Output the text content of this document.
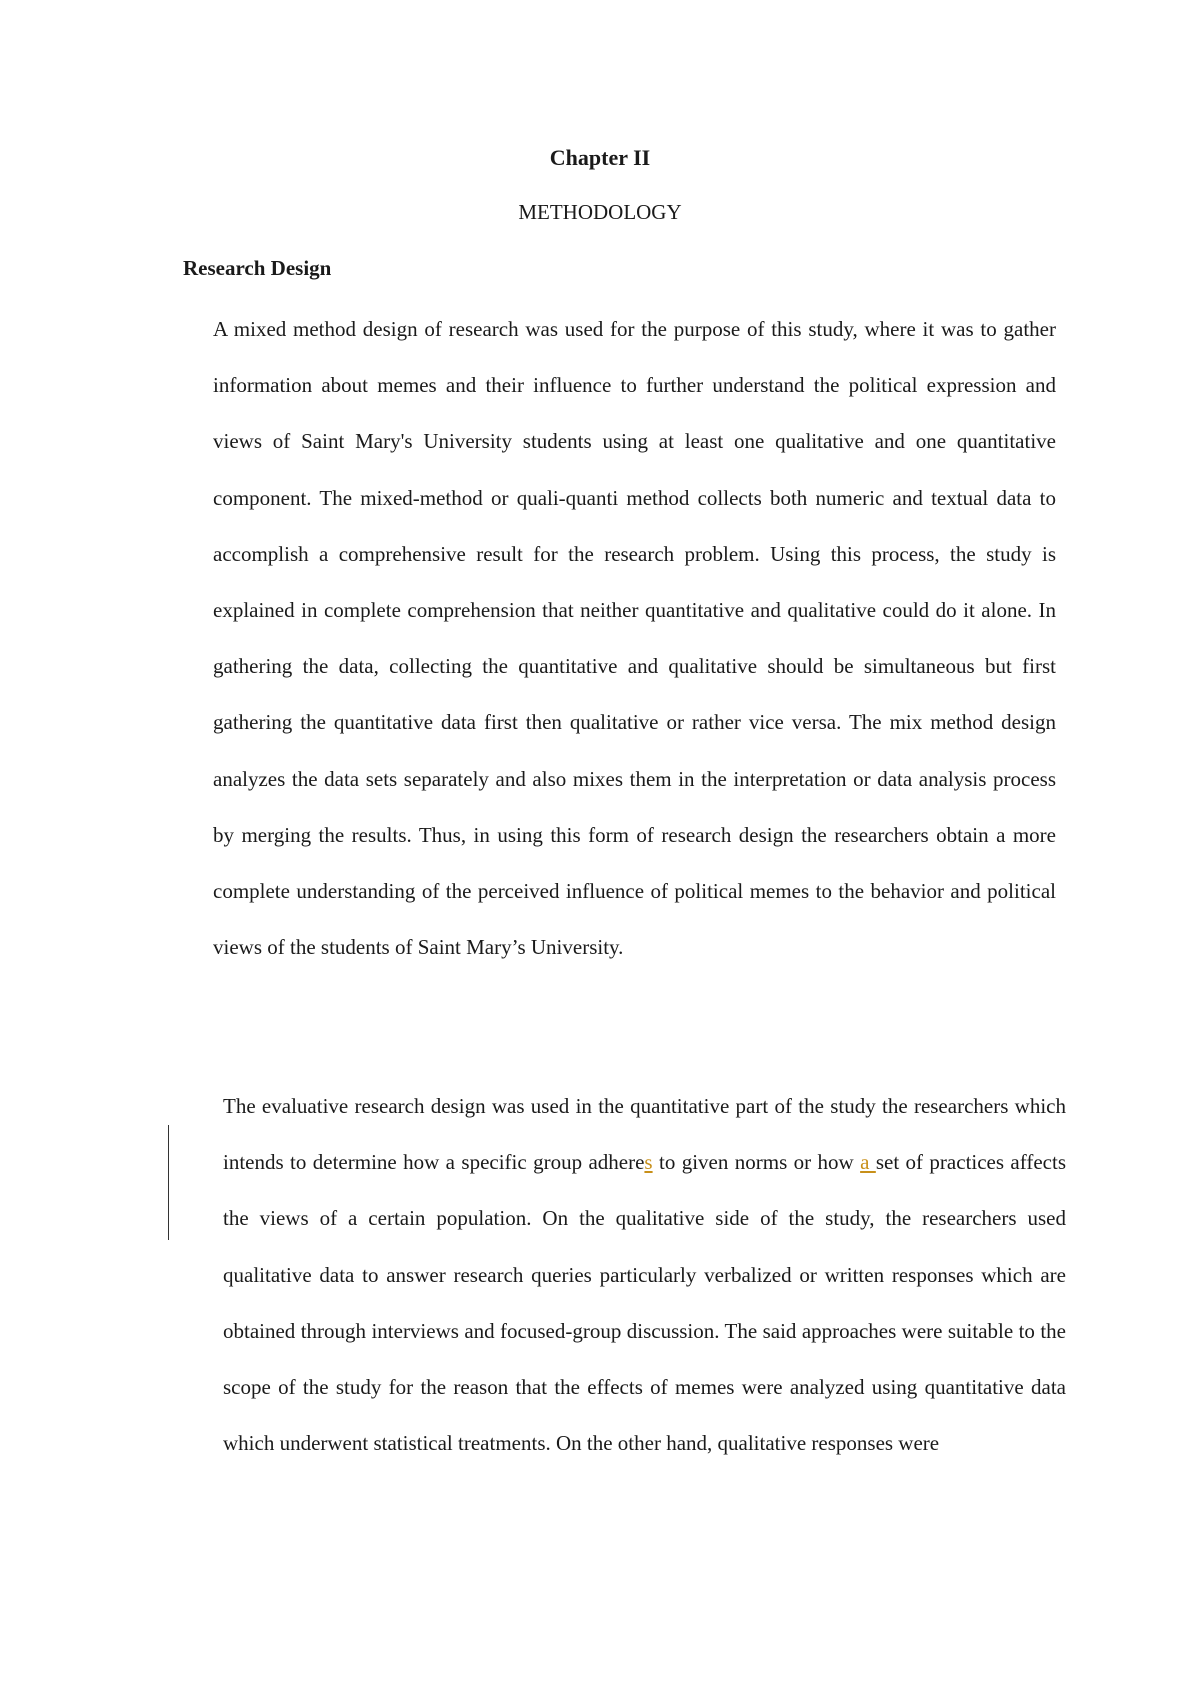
Chapter II
METHODOLOGY
Research Design
A mixed method design of research was used for the purpose of this study, where it was to gather information about memes and their influence to further understand the political expression and views of Saint Mary's University students using at least one qualitative and one quantitative component. The mixed-method or quali-quanti method collects both numeric and textual data to accomplish a comprehensive result for the research problem. Using this process, the study is explained in complete comprehension that neither quantitative and qualitative could do it alone. In gathering the data, collecting the quantitative and qualitative should be simultaneous but first gathering the quantitative data first then qualitative or rather vice versa. The mix method design analyzes the data sets separately and also mixes them in the interpretation or data analysis process by merging the results. Thus, in using this form of research design the researchers obtain a more complete understanding of the perceived influence of political memes to the behavior and political views of the students of Saint Mary’s University.
The evaluative research design was used in the quantitative part of the study the researchers which intends to determine how a specific group adheres to given norms or how a set of practices affects the views of a certain population. On the qualitative side of the study, the researchers used qualitative data to answer research queries particularly verbalized or written responses which are obtained through interviews and focused-group discussion. The said approaches were suitable to the scope of the study for the reason that the effects of memes were analyzed using quantitative data which underwent statistical treatments. On the other hand, qualitative responses were
